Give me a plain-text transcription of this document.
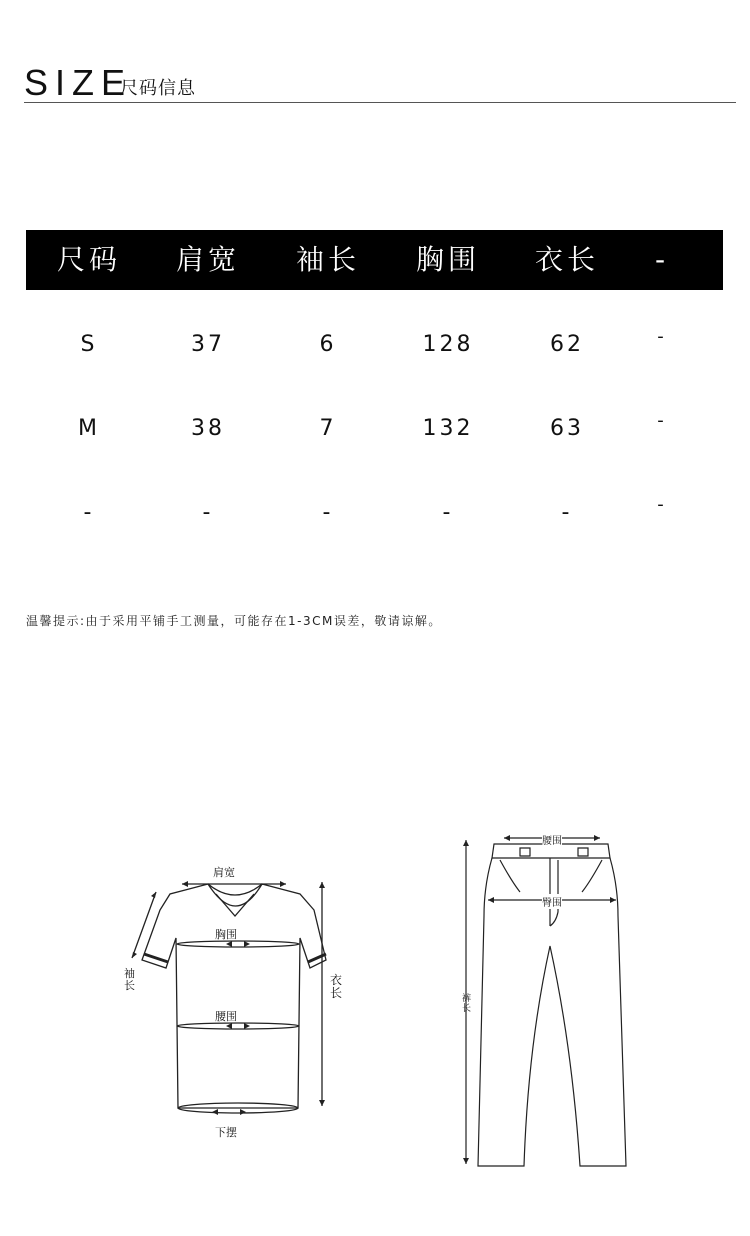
SIZE
尺码信息
尺码	肩宽	袖长	胸围	衣长	-
S	37	6	128	62	-
M	38	7	132	63	-
-	-	-	-	-	-
温馨提示:由于采用平铺手工测量，可能存在1-3CM误差，敬请谅解。
肩宽
胸围
腰围
下摆
袖长	衣长
腰围
臀围
裤长
